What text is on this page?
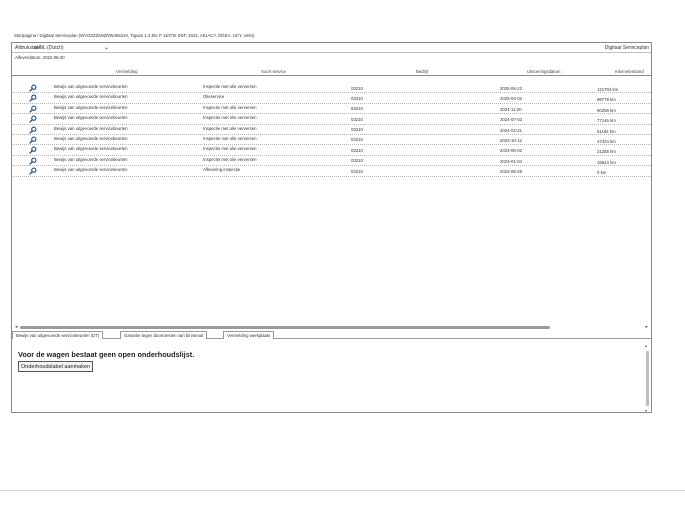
Startpagina / Digitaal Serviceplan (WVGZZZ5NZNW465234, Tiguan 1,4 Ele P 110TSI DSF, 2022, A51ACY, DGEA, UCY, smtn)
Afdrukstaal:
nl-NL (Dutch)	⌄	Digitaal Serviceplan
Afleverdatum: 2022-08-30
Vermelding	Soort service	Bedrijf	Uitvoeringsdatum	Kilometerstand
Bewijs van uitgevoerde servicebeurten	Inspectie met olie verversen	03210	2025-06-23	121703 km
Bewijs van uitgevoerde servicebeurten	Olieservice	03210	2025-04-02	98778 km
Bewijs van uitgevoerde servicebeurten	Inspectie met olie verversen	03210	2024-11-20	90256 km
Bewijs van uitgevoerde servicebeurten	Inspectie met olie verversen	03210	2024-07-03	77146 km
Bewijs van uitgevoerde servicebeurten	Inspectie met olie verversen	03210	2024-02-21	61194 km
Bewijs van uitgevoerde servicebeurten	Inspectie met olie verversen	03210	2023-10-12	47434 km
Bewijs van uitgevoerde servicebeurten	Inspectie met olie verversen	03210	2023-06-02	31268 km
Bewijs van uitgevoerde servicebeurten	Inspectie met olie verversen	03210	2023-01-04	15543 km
Bewijs van uitgevoerde servicebeurten	Aflevering inspectie	03210	2022-08-29	0 km
◂	▸
Bewijs van uitgevoerde servicebeurten (DT)	Garantie tegen doorroesten van binnenuit	Vermelding werkplaats
▴
▾
Voor de wagen bestaat geen open onderhoudslijst.
Onderhoudslabel aanmaken
